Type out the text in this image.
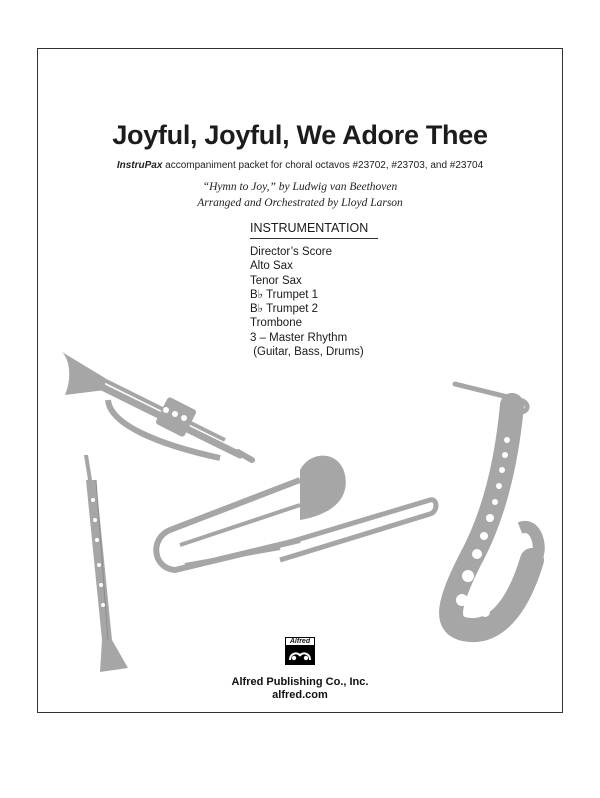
Joyful, Joyful, We Adore Thee
InstruPax accompaniment packet for choral octavos #23702, #23703, and #23704
“Hymn to Joy,” by Ludwig van Beethoven
Arranged and Orchestrated by Lloyd Larson
INSTRUMENTATION
Director’s Score
Alto Sax
Tenor Sax
B♭ Trumpet 1
B♭ Trumpet 2
Trombone
3 – Master Rhythm
(Guitar, Bass, Drums)
Alfred
Alfred Publishing Co., Inc.
alfred.com
